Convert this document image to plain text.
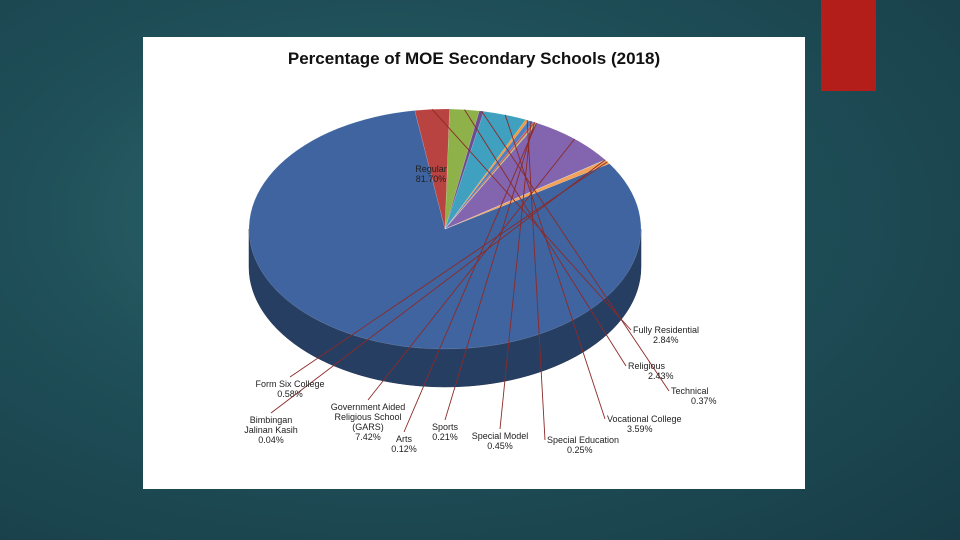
Percentage of MOE Secondary Schools (2018)
Regular
81.70%
Fully Residential
2.84%
Religious
2.43%
Technical
0.37%
Vocational College
3.59%
Special Education
0.25%
Special Model
0.45%
Sports
0.21%
Arts
0.12%
Government Aided
Religious School
(GARS)
7.42%
Bimbingan
Jalinan Kasih
0.04%
Form Six College
0.58%
